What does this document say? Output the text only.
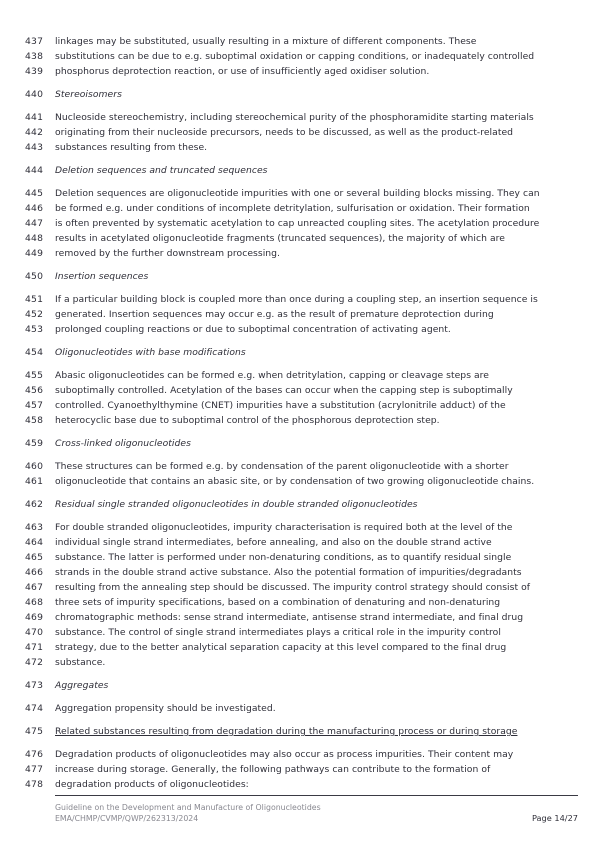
437	linkages may be substituted, usually resulting in a mixture of different components. These
438	substitutions can be due to e.g. suboptimal oxidation or capping conditions, or inadequately controlled
439	phosphorus deprotection reaction, or use of insufficiently aged oxidiser solution.
440	Stereoisomers
441	Nucleoside stereochemistry, including stereochemical purity of the phosphoramidite starting materials
442	originating from their nucleoside precursors, needs to be discussed, as well as the product-related
443	substances resulting from these.
444	Deletion sequences and truncated sequences
445	Deletion sequences are oligonucleotide impurities with one or several building blocks missing. They can
446	be formed e.g. under conditions of incomplete detritylation, sulfurisation or oxidation. Their formation
447	is often prevented by systematic acetylation to cap unreacted coupling sites. The acetylation procedure
448	results in acetylated oligonucleotide fragments (truncated sequences), the majority of which are
449	removed by the further downstream processing.
450	Insertion sequences
451	If a particular building block is coupled more than once during a coupling step, an insertion sequence is
452	generated. Insertion sequences may occur e.g. as the result of premature deprotection during
453	prolonged coupling reactions or due to suboptimal concentration of activating agent.
454	Oligonucleotides with base modifications
455	Abasic oligonucleotides can be formed e.g. when detritylation, capping or cleavage steps are
456	suboptimally controlled. Acetylation of the bases can occur when the capping step is suboptimally
457	controlled. Cyanoethylthymine (CNET) impurities have a substitution (acrylonitrile adduct) of the
458	heterocyclic base due to suboptimal control of the phosphorous deprotection step.
459	Cross-linked oligonucleotides
460	These structures can be formed e.g. by condensation of the parent oligonucleotide with a shorter
461	oligonucleotide that contains an abasic site, or by condensation of two growing oligonucleotide chains.
462	Residual single stranded oligonucleotides in double stranded oligonucleotides
463	For double stranded oligonucleotides, impurity characterisation is required both at the level of the
464	individual single strand intermediates, before annealing, and also on the double strand active
465	substance. The latter is performed under non-denaturing conditions, as to quantify residual single
466	strands in the double strand active substance. Also the potential formation of impurities/degradants
467	resulting from the annealing step should be discussed. The impurity control strategy should consist of
468	three sets of impurity specifications, based on a combination of denaturing and non-denaturing
469	chromatographic methods: sense strand intermediate, antisense strand intermediate, and final drug
470	substance. The control of single strand intermediates plays a critical role in the impurity control
471	strategy, due to the better analytical separation capacity at this level compared to the final drug
472	substance.
473	Aggregates
474	Aggregation propensity should be investigated.
475	Related substances resulting from degradation during the manufacturing process or during storage
476	Degradation products of oligonucleotides may also occur as process impurities. Their content may
477	increase during storage. Generally, the following pathways can contribute to the formation of
478	degradation products of oligonucleotides:
Guideline on the Development and Manufacture of Oligonucleotides
EMA/CHMP/CVMP/QWP/262313/2024	Page 14/27
